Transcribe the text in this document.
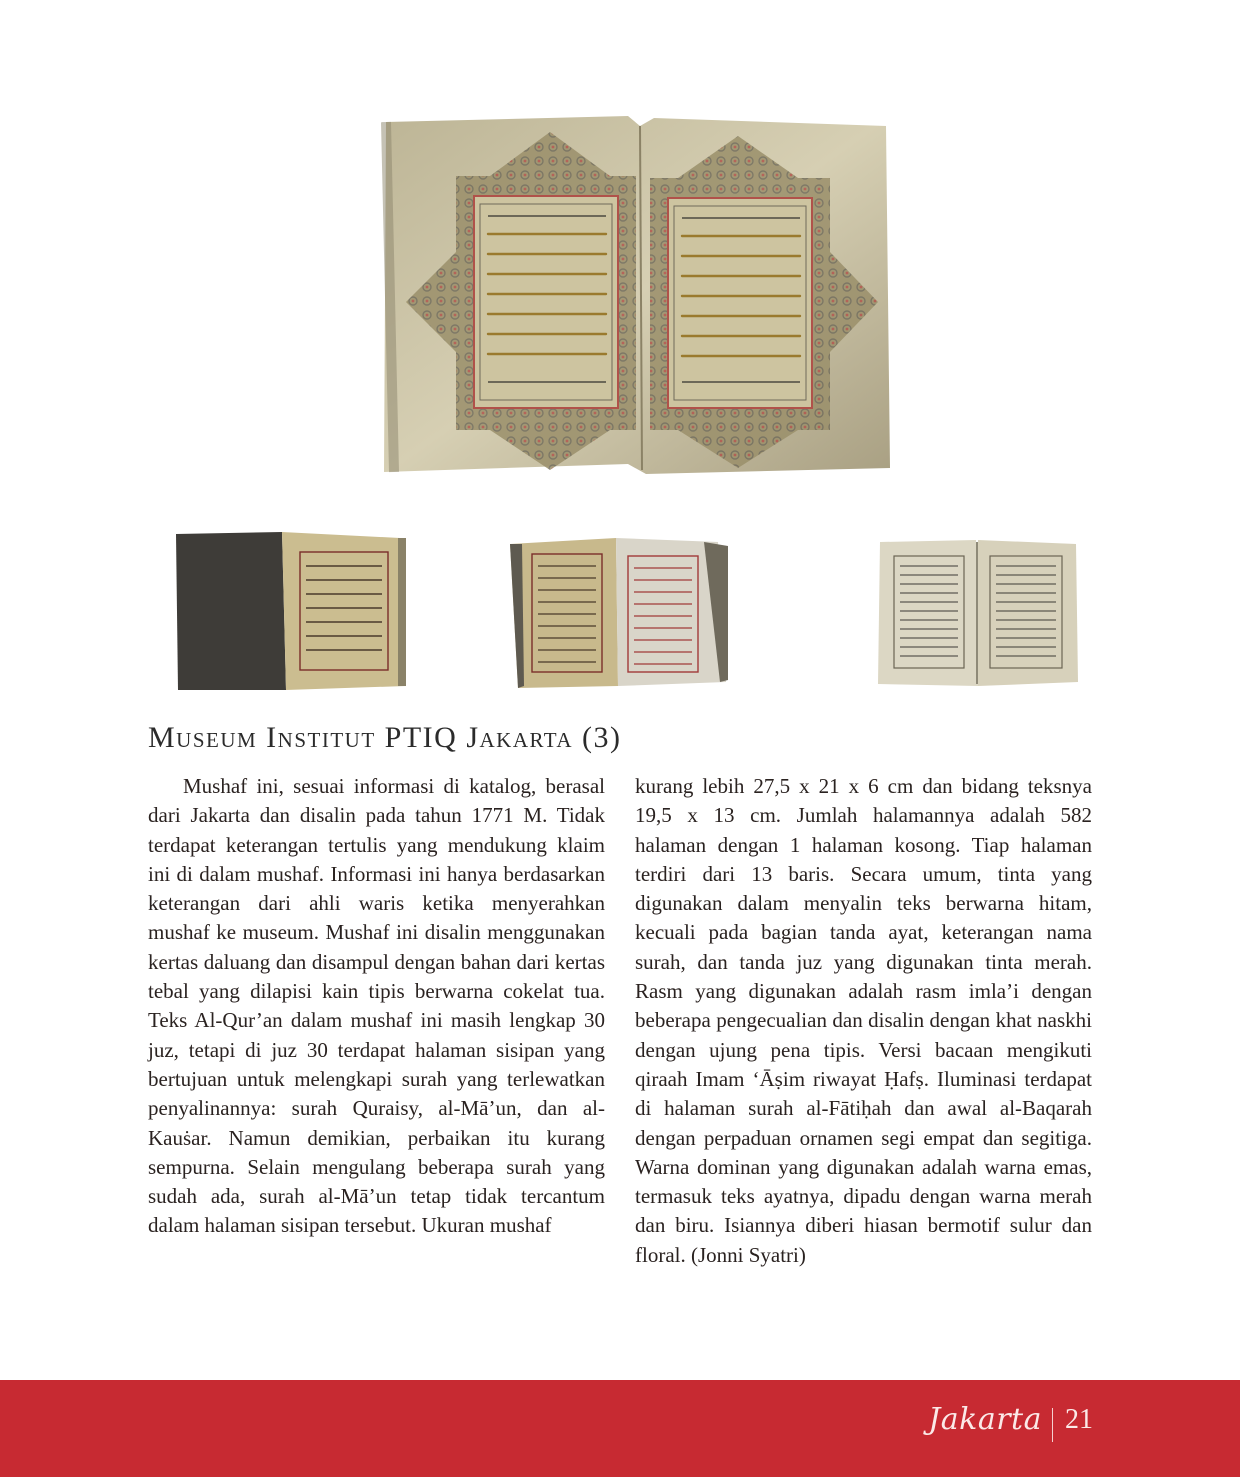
Museum Institut PTIQ Jakarta (3)

Mushaf ini, sesuai informasi di katalog, berasal dari Jakarta dan disalin pada tahun 1771 M. Tidak terdapat keterangan tertulis yang mendukung klaim ini di dalam mushaf. Informasi ini hanya berdasarkan keterangan dari ahli waris ketika menyerahkan mushaf ke museum. Mushaf ini disalin menggunakan kertas daluang dan disampul dengan bahan dari kertas tebal yang dilapisi kain tipis berwarna cokelat tua. Teks Al-Qur’an dalam mushaf ini masih lengkap 30 juz, tetapi di juz 30 terdapat halaman sisipan yang bertujuan untuk melengkapi surah yang terlewatkan penyalinannya: surah Quraisy, al-Mā’un, dan al-Kauṡar. Namun demikian, perbaikan itu kurang sempurna. Selain mengulang beberapa surah yang sudah ada, surah al-Mā’un tetap tidak tercantum dalam halaman sisipan tersebut. Ukuran mushaf

kurang lebih 27,5 x 21 x 6 cm dan bidang teksnya 19,5 x 13 cm. Jumlah halamannya adalah 582 halaman dengan 1 halaman kosong. Tiap halaman terdiri dari 13 baris. Secara umum, tinta yang digunakan dalam menyalin teks berwarna hitam, kecuali pada bagian tanda ayat, keterangan nama surah, dan tanda juz yang digunakan tinta merah. Rasm yang digunakan adalah rasm imla’i dengan beberapa pengecualian dan disalin dengan khat naskhi dengan ujung pena tipis. Versi bacaan mengikuti qiraah Imam ‘Āṣim riwayat Ḥafṣ. Iluminasi terdapat di halaman surah al-Fātiḥah dan awal al-Baqarah dengan perpaduan ornamen segi empat dan segitiga. Warna dominan yang digunakan adalah warna emas, termasuk teks ayatnya, dipadu dengan warna merah dan biru. Isiannya diberi hiasan bermotif sulur dan floral. (Jonni Syatri)

Jakarta 21
